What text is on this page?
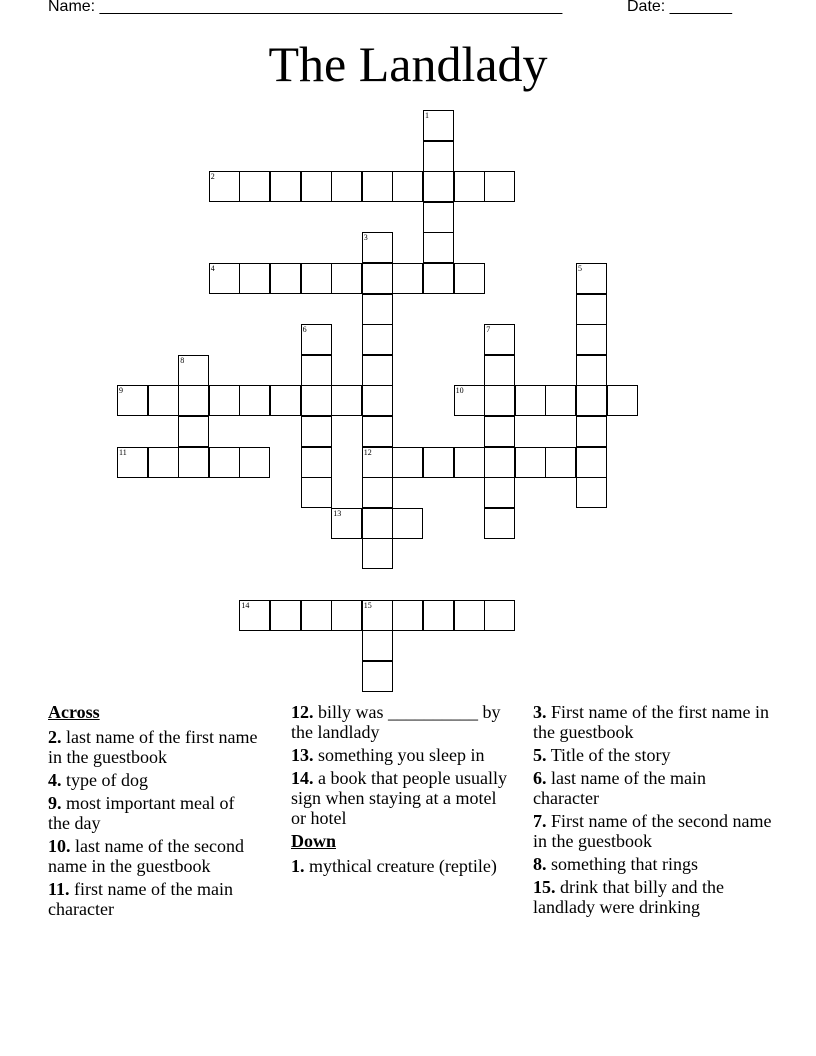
Name: ____________________________________________________	Date: _______
The Landlady
1
2
3
12
4	5
6	7
8
9	10
11
13
14	15
Across

2. last name of the first name in the guestbook

4. type of dog

9. most important meal of the day

10. last name of the second name in the guestbook

11. first name of the main character

12. billy was __________ by the landlady

13. something you sleep in

14. a book that people usually sign when staying at a motel or hotel

Down

1. mythical creature (reptile)

3. First name of the first name in the guestbook

5. Title of the story

6. last name of the main character

7. First name of the second name in the guestbook

8. something that rings

15. drink that billy and the landlady were drinking
